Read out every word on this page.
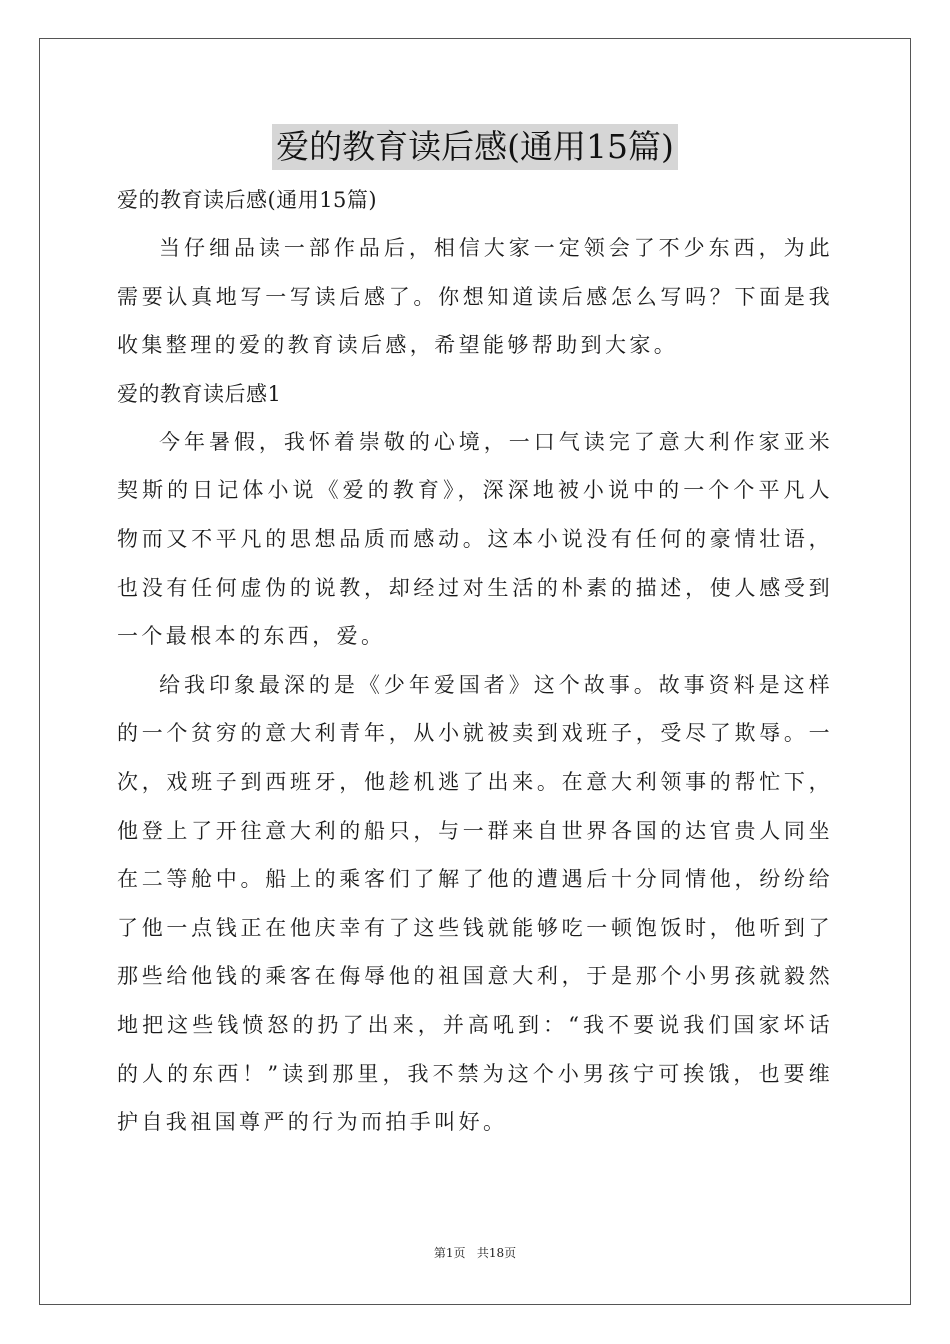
爱的教育读后感(通用15篇)
爱的教育读后感(通用15篇)

当仔细品读一部作品后，相信大家一定领会了不少东西，为此需要认真地写一写读后感了。你想知道读后感怎么写吗？下面是我收集整理的爱的教育读后感，希望能够帮助到大家。

爱的教育读后感1

今年暑假，我怀着崇敬的心境，一口气读完了意大利作家亚米契斯的日记体小说《爱的教育》，深深地被小说中的一个个平凡人物而又不平凡的思想品质而感动。这本小说没有任何的豪情壮语，也没有任何虚伪的说教，却经过对生活的朴素的描述，使人感受到一个最根本的东西，爱。

给我印象最深的是《少年爱国者》这个故事。故事资料是这样的一个贫穷的意大利青年，从小就被卖到戏班子，受尽了欺辱。一次，戏班子到西班牙，他趁机逃了出来。在意大利领事的帮忙下，他登上了开往意大利的船只，与一群来自世界各国的达官贵人同坐在二等舱中。船上的乘客们了解了他的遭遇后十分同情他，纷纷给了他一点钱正在他庆幸有了这些钱就能够吃一顿饱饭时，他听到了那些给他钱的乘客在侮辱他的祖国意大利，于是那个小男孩就毅然地把这些钱愤怒的扔了出来，并高吼到：“我不要说我们国家坏话的人的东西！”读到那里，我不禁为这个小男孩宁可挨饿，也要维护自我祖国尊严的行为而拍手叫好。

第1页   共18页
